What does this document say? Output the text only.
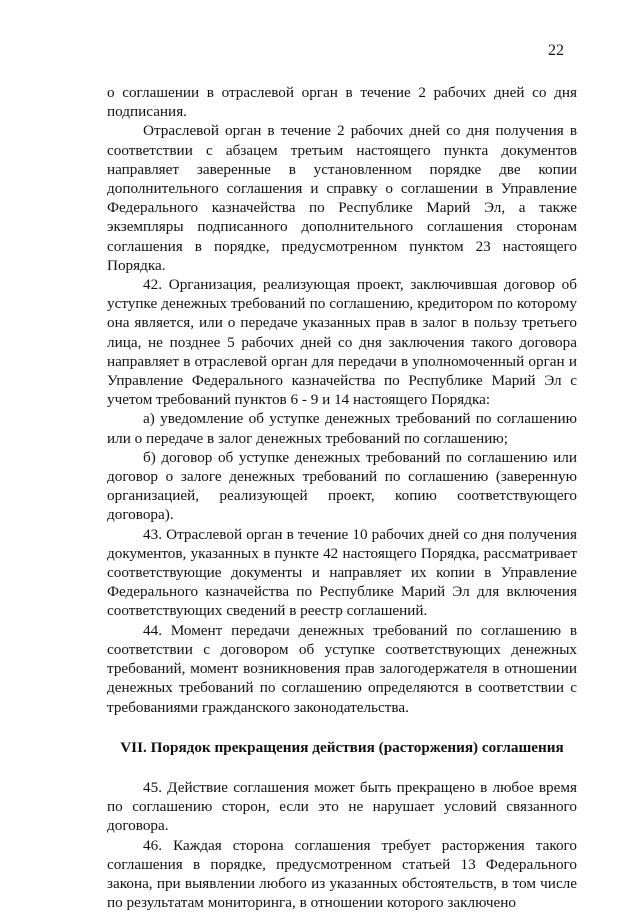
22

о соглашении в отраслевой орган в течение 2 рабочих дней со дня подписания.

Отраслевой орган в течение 2 рабочих дней со дня получения в соответствии с абзацем третьим настоящего пункта документов направляет заверенные в установленном порядке две копии дополнительного соглашения и справку о соглашении в Управление Федерального казначейства по Республике Марий Эл, а также экземпляры подписанного дополнительного соглашения сторонам соглашения в порядке, предусмотренном пунктом 23 настоящего Порядка.

42. Организация, реализующая проект, заключившая договор об уступке денежных требований по соглашению, кредитором по которому она является, или о передаче указанных прав в залог в пользу третьего лица, не позднее 5 рабочих дней со дня заключения такого договора направляет в отраслевой орган для передачи в уполномоченный орган и Управление Федерального казначейства по Республике Марий Эл с учетом требований пунктов 6 - 9 и 14 настоящего Порядка:

а) уведомление об уступке денежных требований по соглашению или о передаче в залог денежных требований по соглашению;

б) договор об уступке денежных требований по соглашению или договор о залоге денежных требований по соглашению (заверенную организацией, реализующей проект, копию соответствующего договора).

43. Отраслевой орган в течение 10 рабочих дней со дня получения документов, указанных в пункте 42 настоящего Порядка, рассматривает соответствующие документы и направляет их копии в Управление Федерального казначейства по Республике Марий Эл для включения соответствующих сведений в реестр соглашений.

44. Момент передачи денежных требований по соглашению в соответствии с договором об уступке соответствующих денежных требований, момент возникновения прав залогодержателя в отношении денежных требований по соглашению определяются в соответствии с требованиями гражданского законодательства.

VII. Порядок прекращения действия (расторжения) соглашения

45. Действие соглашения может быть прекращено в любое время по соглашению сторон, если это не нарушает условий связанного договора.

46. Каждая сторона соглашения требует расторжения такого соглашения в порядке, предусмотренном статьей 13 Федерального закона, при выявлении любого из указанных обстоятельств, в том числе по результатам мониторинга, в отношении которого заключено
